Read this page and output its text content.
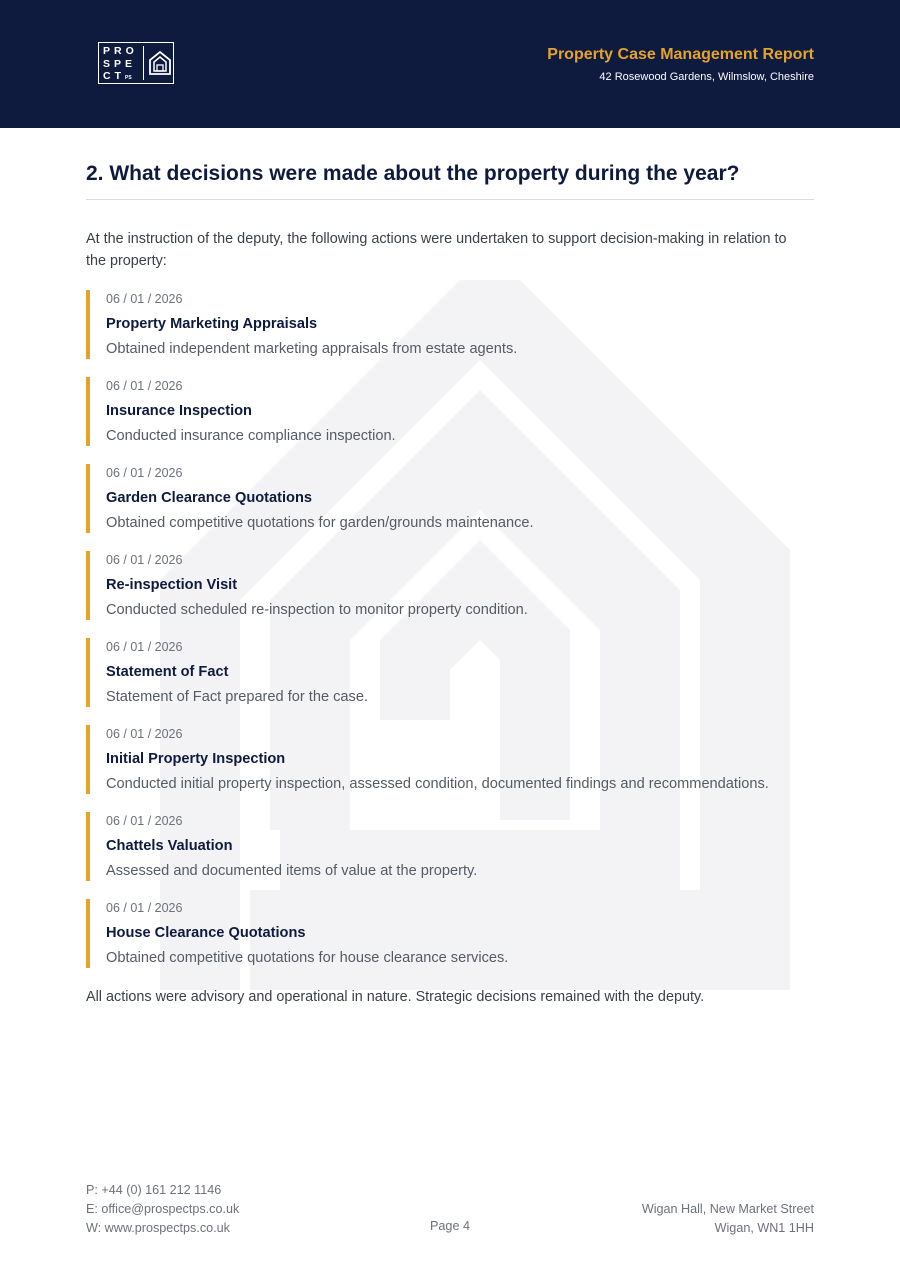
PRO
SPE
CTPS
Property Case Management Report
42 Rosewood Gardens, Wilmslow, Cheshire
2. What decisions were made about the property during the year?
At the instruction of the deputy, the following actions were undertaken to support decision-making in relation to the property:
06 / 01 / 2026
Property Marketing Appraisals
Obtained independent marketing appraisals from estate agents.
06 / 01 / 2026
Insurance Inspection
Conducted insurance compliance inspection.
06 / 01 / 2026
Garden Clearance Quotations
Obtained competitive quotations for garden/grounds maintenance.
06 / 01 / 2026
Re-inspection Visit
Conducted scheduled re-inspection to monitor property condition.
06 / 01 / 2026
Statement of Fact
Statement of Fact prepared for the case.
06 / 01 / 2026
Initial Property Inspection
Conducted initial property inspection, assessed condition, documented findings and recommendations.
06 / 01 / 2026
Chattels Valuation
Assessed and documented items of value at the property.
06 / 01 / 2026
House Clearance Quotations
Obtained competitive quotations for house clearance services.
All actions were advisory and operational in nature. Strategic decisions remained with the deputy.
P: +44 (0) 161 212 1146
E: office@prospectps.co.uk
W: www.prospectps.co.uk	Page 4
Wigan Hall, New Market Street
Wigan, WN1 1HH
